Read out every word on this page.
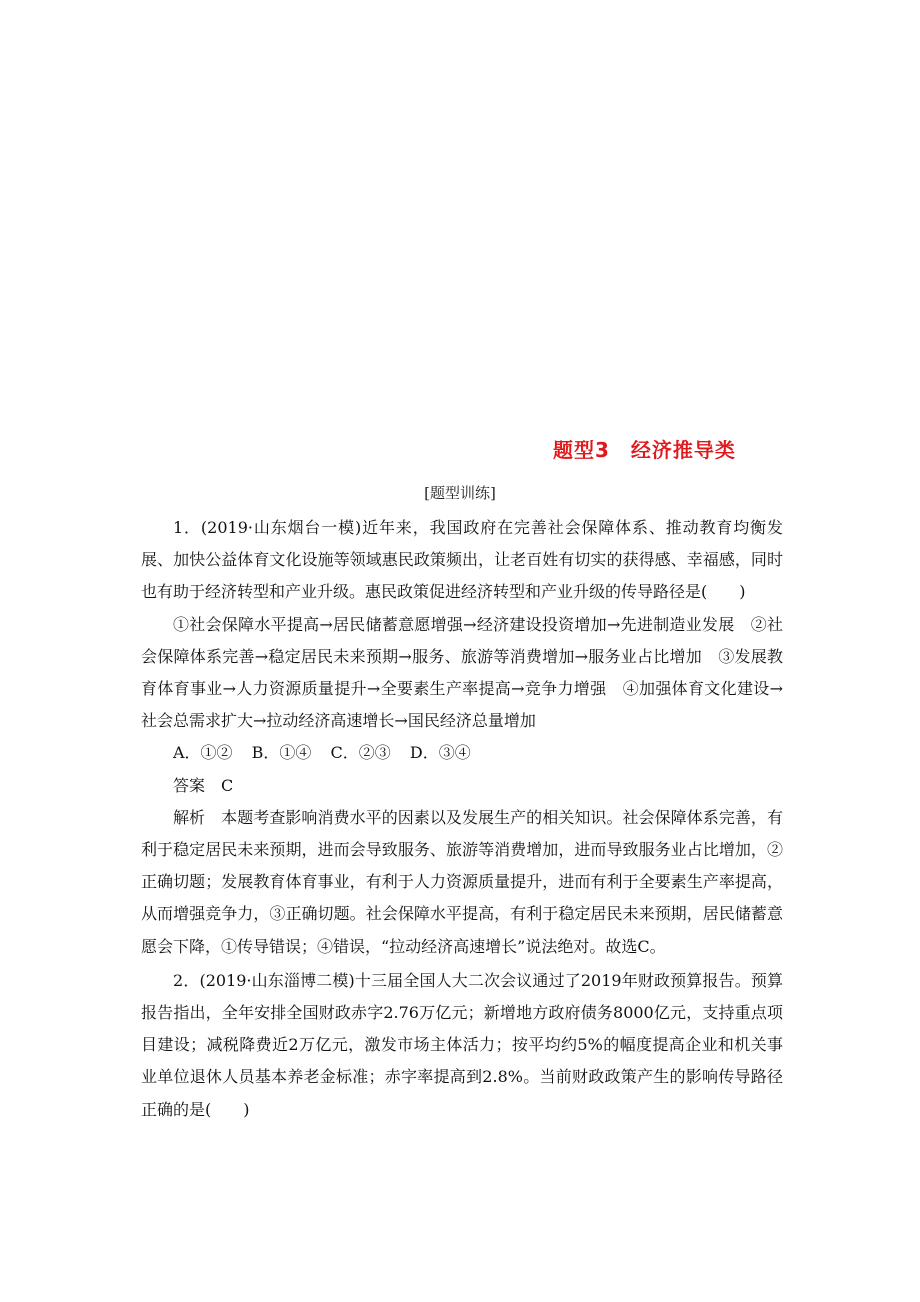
题型3　经济推导类
[题型训练]

1．(2019·山东烟台一模)近年来，我国政府在完善社会保障体系、推动教育均衡发展、加快公益体育文化设施等领域惠民政策频出，让老百姓有切实的获得感、幸福感，同时也有助于经济转型和产业升级。惠民政策促进经济转型和产业升级的传导路径是(　　)

①社会保障水平提高→居民储蓄意愿增强→经济建设投资增加→先进制造业发展　②社会保障体系完善→稳定居民未来预期→服务、旅游等消费增加→服务业占比增加　③发展教育体育事业→人力资源质量提升→全要素生产率提高→竞争力增强　④加强体育文化建设→社会总需求扩大→拉动经济高速增长→国民经济总量增加

A．①② B．①④ C．②③ D．③④

答案　C

解析　本题考查影响消费水平的因素以及发展生产的相关知识。社会保障体系完善，有利于稳定居民未来预期，进而会导致服务、旅游等消费增加，进而导致服务业占比增加，②正确切题；发展教育体育事业，有利于人力资源质量提升，进而有利于全要素生产率提高，从而增强竞争力，③正确切题。社会保障水平提高，有利于稳定居民未来预期，居民储蓄意愿会下降，①传导错误；④错误，“拉动经济高速增长”说法绝对。故选C。

2．(2019·山东淄博二模)十三届全国人大二次会议通过了2019年财政预算报告。预算报告指出，全年安排全国财政赤字2.76万亿元；新增地方政府债务8000亿元，支持重点项目建设；减税降费近2万亿元，激发市场主体活力；按平均约5%的幅度提高企业和机关事业单位退休人员基本养老金标准；赤字率提高到2.8%。当前财政政策产生的影响传导路径正确的是(　　)
